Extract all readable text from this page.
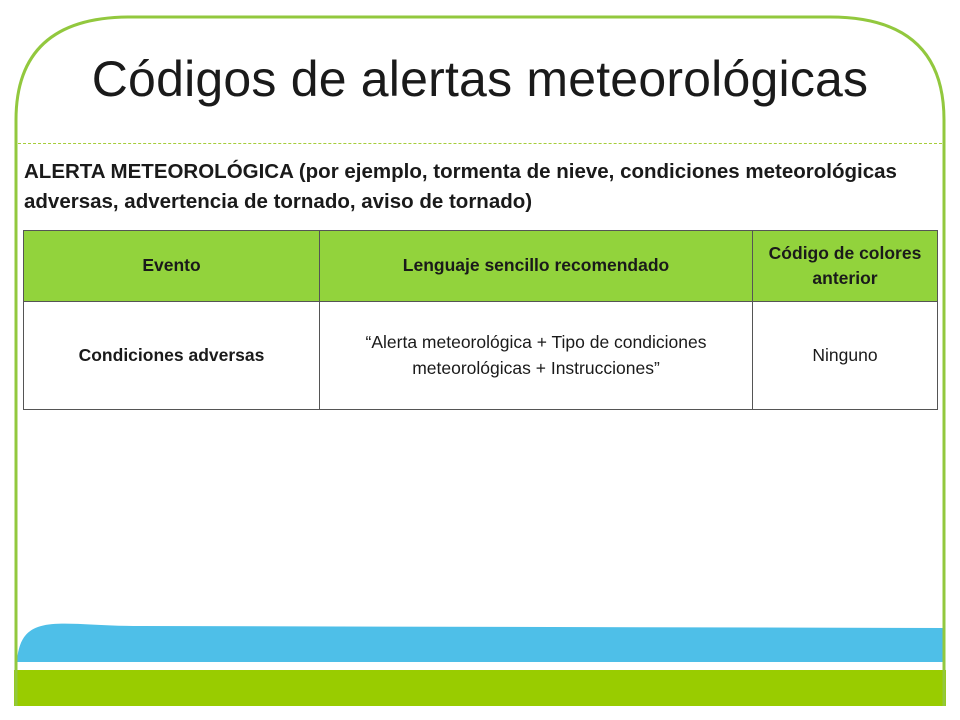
Códigos de alertas meteorológicas
ALERTA METEOROLÓGICA (por ejemplo, tormenta de nieve, condiciones meteorológicas adversas, advertencia de tornado, aviso de tornado)
Evento	Lenguaje sencillo recomendado	Código de colores anterior
Condiciones adversas	“Alerta meteorológica + Tipo de condiciones meteorológicas + Instrucciones”	Ninguno
